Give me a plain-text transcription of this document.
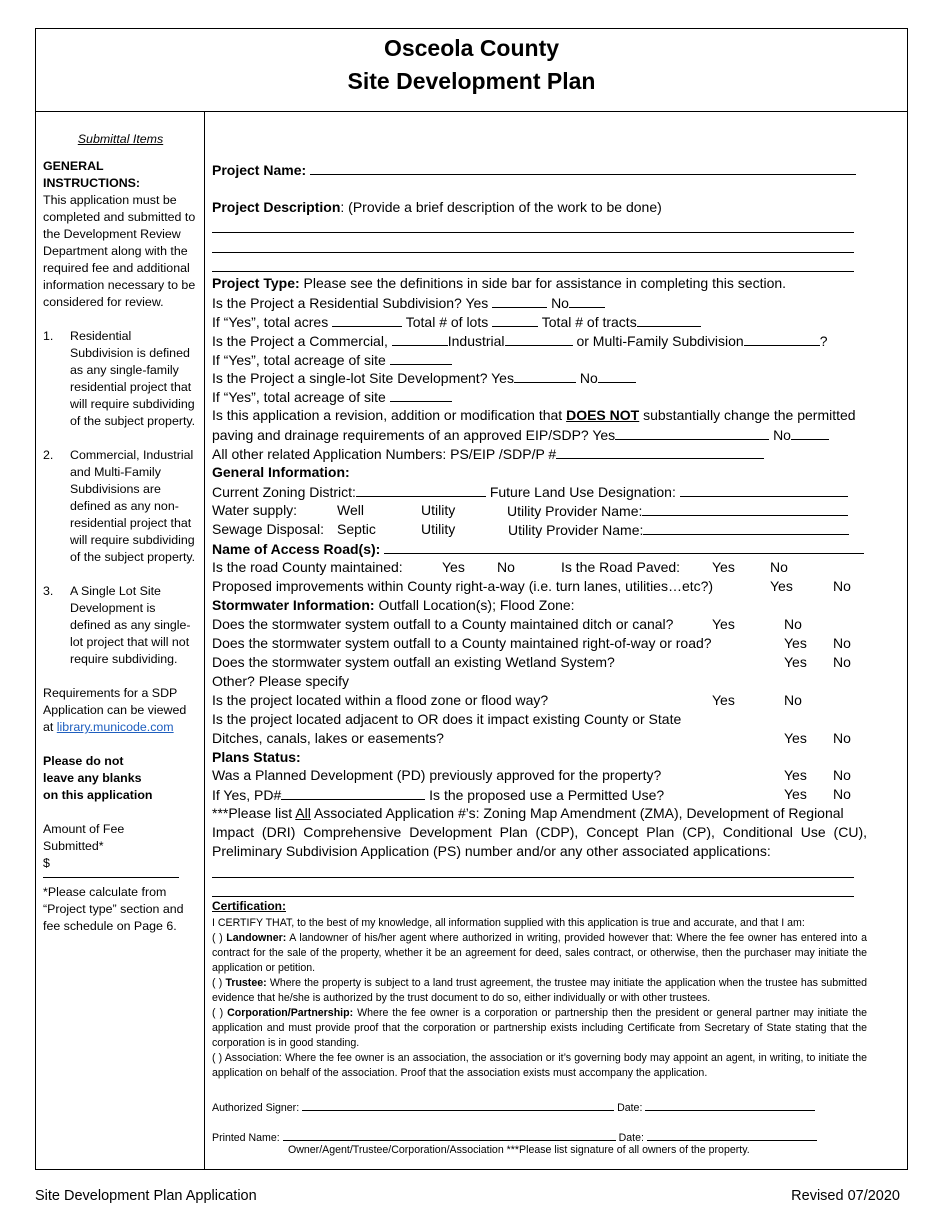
Osceola County
Site Development Plan
Submittal Items
GENERAL INSTRUCTIONS:
This application must be completed and submitted to the Development Review Department along with the required fee and additional information necessary to be considered for review.
1. Residential Subdivision is defined as any single-family residential project that will require subdividing of the subject property.
2. Commercial, Industrial and Multi-Family Subdivisions are defined as any non-residential project that will require subdividing of the subject property.
3. A Single Lot Site Development is defined as any single-lot project that will not require subdividing.
Requirements for a SDP Application can be viewed at library.municode.com
Please do not leave any blanks on this application
Amount of Fee Submitted*
$
*Please calculate from “Project type” section and fee schedule on Page 6.
Project Name:
Project Description: (Provide a brief description of the work to be done)
Project Type: Please see the definitions in side bar for assistance in completing this section.
Is the Project a Residential Subdivision? Yes	No
If “Yes”, total acres	Total # of lots	Total # of tracts
Is the Project a Commercial,	Industrial	or Multi-Family Subdivision	?
If “Yes”, total acreage of site
Is the Project a single-lot Site Development? Yes	No
If “Yes”, total acreage of site
Is this application a revision, addition or modification that DOES NOT substantially change the permitted
paving and drainage requirements of an approved EIP/SDP? Yes	No
All other related Application Numbers: PS/EIP /SDP/P #
General Information:
Current Zoning District:	Future Land Use Designation:
Water supply:	Well	Utility	Utility Provider Name:
Sewage Disposal: Septic	Utility	Utility Provider Name:
Name of Access Road(s):
Is the road County maintained:	Yes No	Is the Road Paved: Yes	No
Proposed improvements within County right-a-way (i.e. turn lanes, utilities…etc?)	Yes	No
Stormwater Information: Outfall Location(s); Flood Zone:
Does the stormwater system outfall to a County maintained ditch or canal?	Yes	No
Does the stormwater system outfall to a County maintained right-of-way or road?	Yes No
Does the stormwater system outfall an existing Wetland System?	Yes No
Other? Please specify
Is the project located within a flood zone or flood way?	Yes	No
Is the project located adjacent to OR does it impact existing County or State
Ditches, canals, lakes or easements?	Yes No
Plans Status:
Was a Planned Development (PD) previously approved for the property?	Yes No
If Yes, PD#	Is the proposed use a Permitted Use?	Yes No
***Please list All Associated Application #’s: Zoning Map Amendment (ZMA), Development of Regional
Impact (DRI) Comprehensive Development Plan (CDP), Concept Plan (CP), Conditional Use (CU),
Preliminary Subdivision Application (PS) number and/or any other associated applications:
Certification:
I CERTIFY THAT, to the best of my knowledge, all information supplied with this application is true and accurate, and that I am:
( ) Landowner: A landowner of his/her agent where authorized in writing, provided however that: Where the fee owner has entered into a contract for the sale of the property, whether it be an agreement for deed, sales contract, or otherwise, then the purchaser may initiate the application or petition.
( ) Trustee: Where the property is subject to a land trust agreement, the trustee may initiate the application when the trustee has submitted evidence that he/she is authorized by the trust document to do so, either individually or with other trustees.
( ) Corporation/Partnership: Where the fee owner is a corporation or partnership then the president or general partner may initiate the application and must provide proof that the corporation or partnership exists including Certificate from Secretary of State stating that the corporation is in good standing.
( ) Association: Where the fee owner is an association, the association or it’s governing body may appoint an agent, in writing, to initiate the application on behalf of the association. Proof that the association exists must accompany the application.
Authorized Signer:	Date:
Printed Name:	Date:
Owner/Agent/Trustee/Corporation/Association ***Please list signature of all owners of the property.
Site Development Plan Application	Revised 07/2020
